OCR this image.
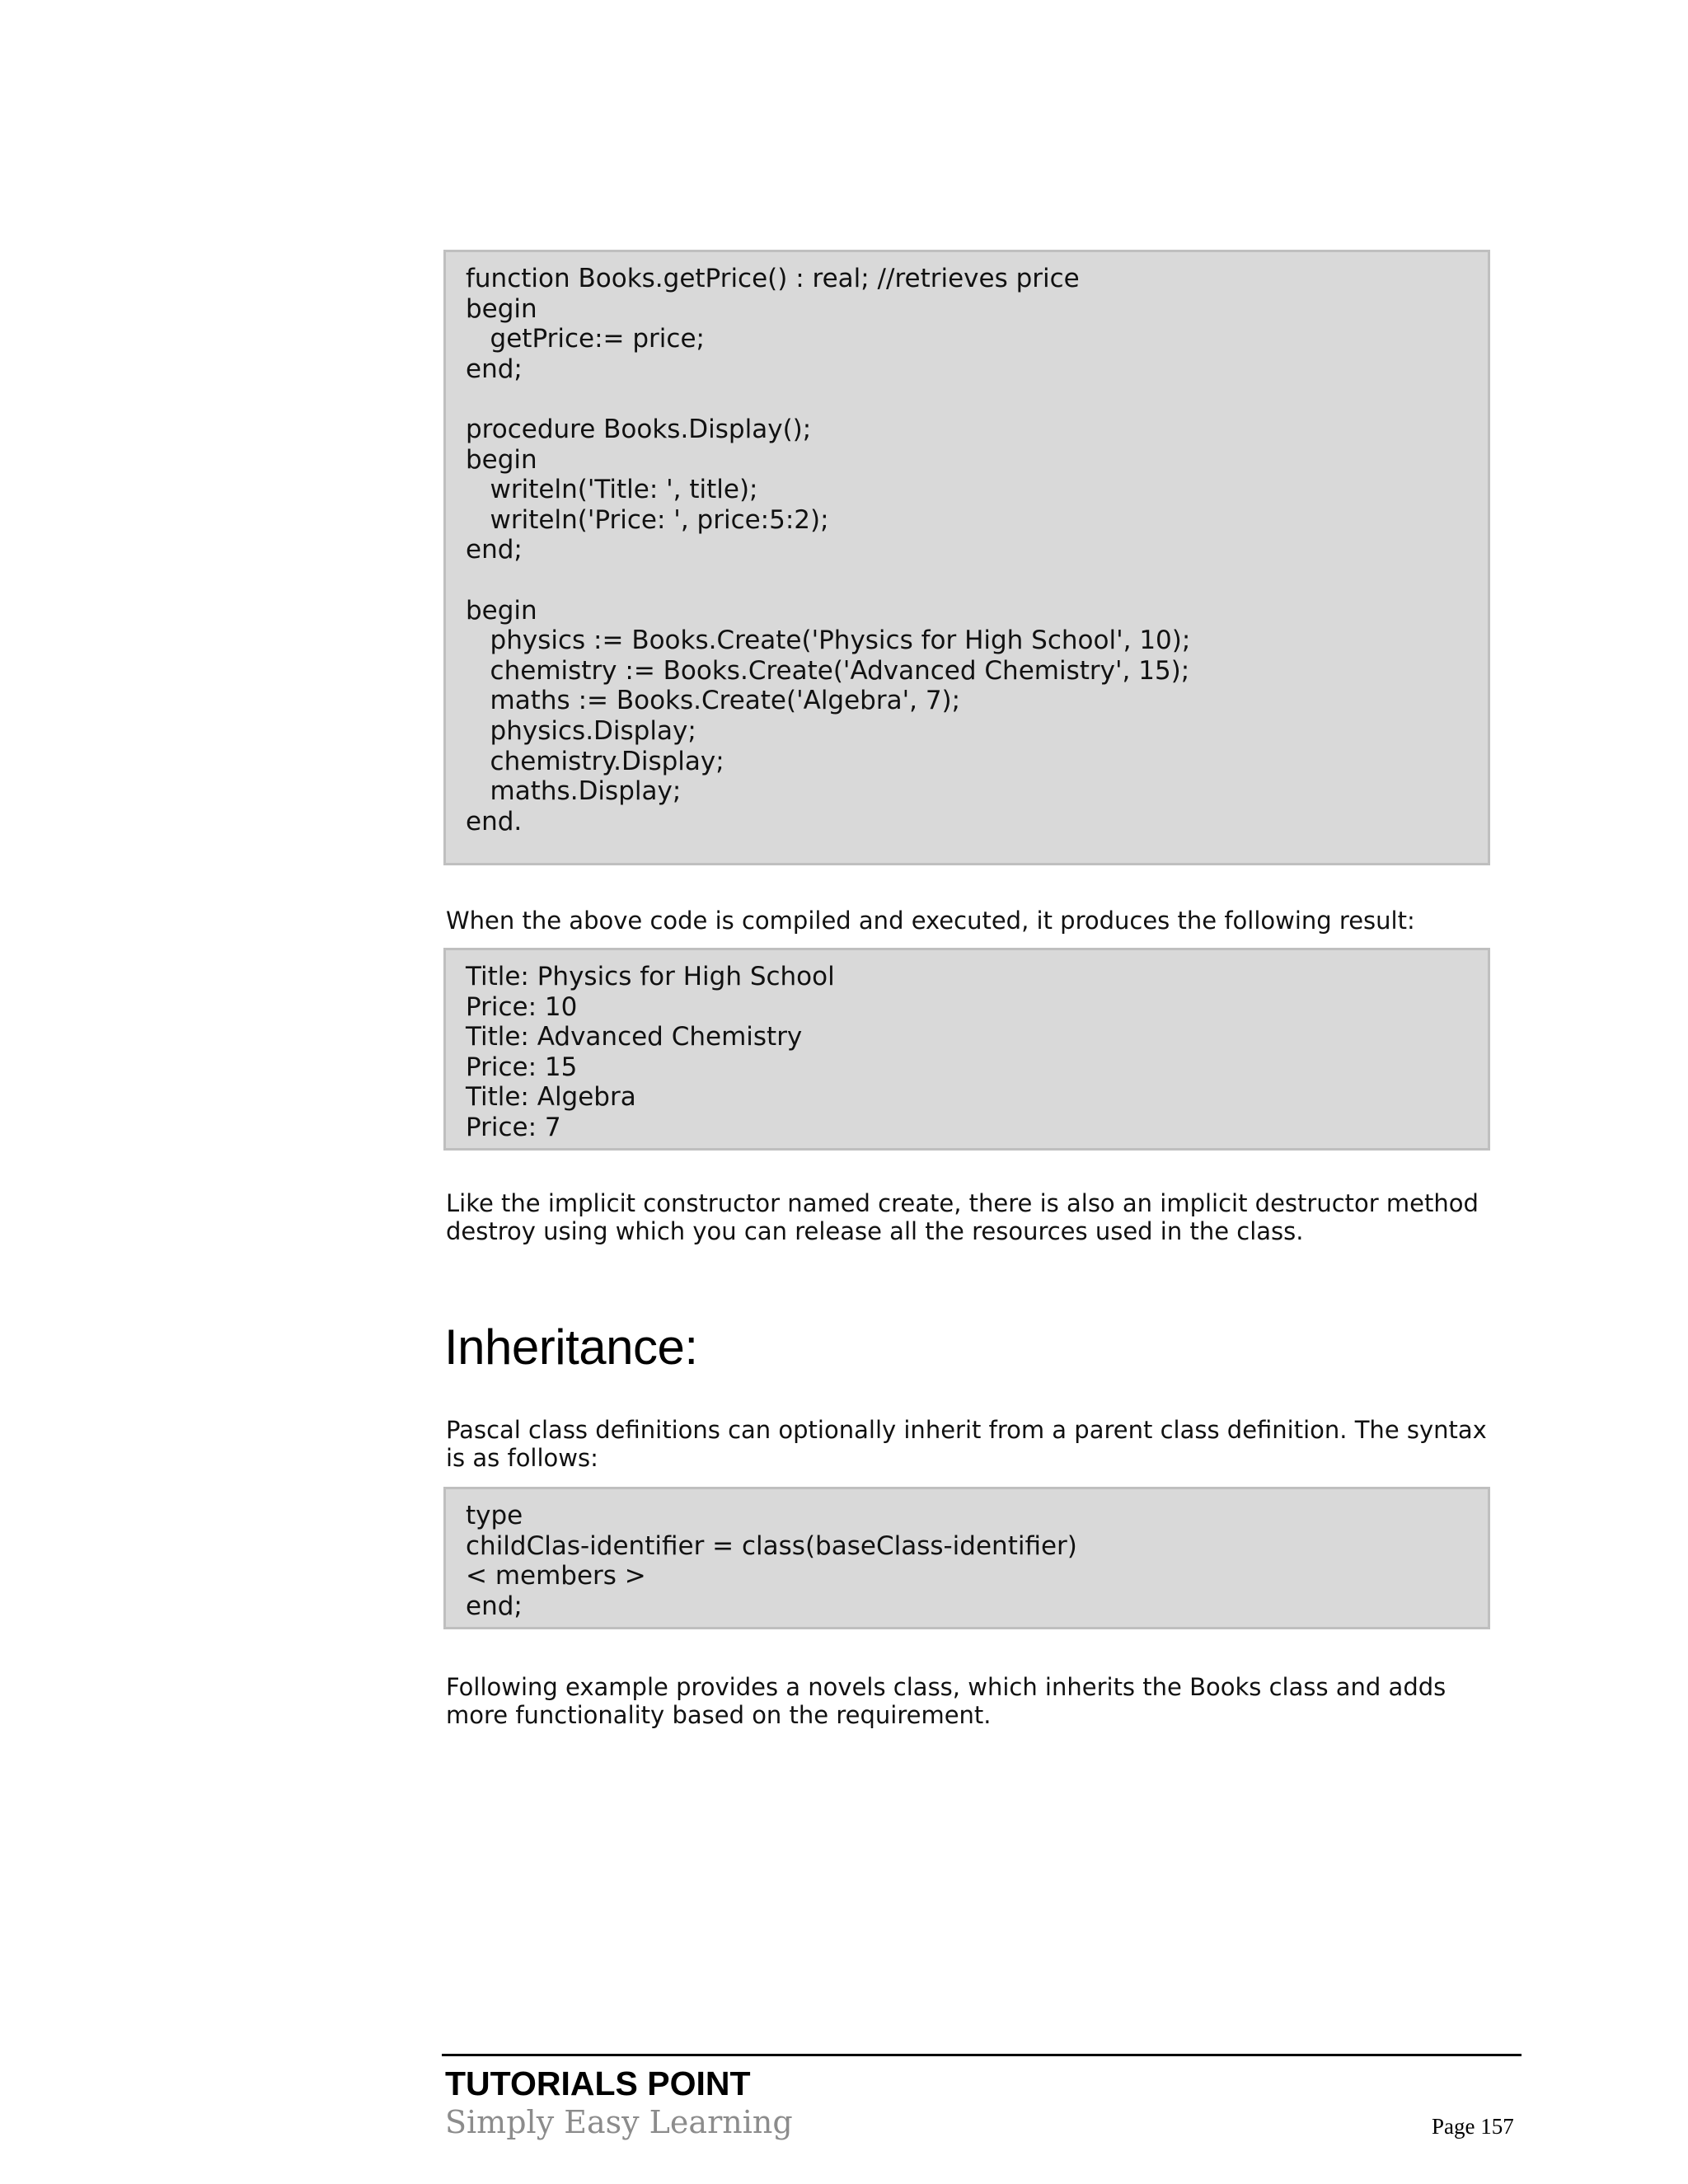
function Books.getPrice() : real; //retrieves price
begin
getPrice:= price;
end;

procedure Books.Display();
begin
writeln('Title: ', title);
writeln('Price: ', price:5:2);
end;

begin
physics := Books.Create('Physics for High School', 10);
chemistry := Books.Create('Advanced Chemistry', 15);
maths := Books.Create('Algebra', 7);
physics.Display;
chemistry.Display;
maths.Display;
end.
When the above code is compiled and executed, it produces the following result:
Title: Physics for High School
Price: 10
Title: Advanced Chemistry
Price: 15
Title: Algebra
Price: 7
Like the implicit constructor named create, there is also an implicit destructor method destroy using which you can release all the resources used in the class.
Inheritance:
Pascal class definitions can optionally inherit from a parent class definition. The syntax is as follows:
type
childClas-identifier = class(baseClass-identifier)
< members >
end;
Following example provides a novels class, which inherits the Books class and adds more functionality based on the requirement.
TUTORIALS POINT
Simply Easy Learning	Page 157
